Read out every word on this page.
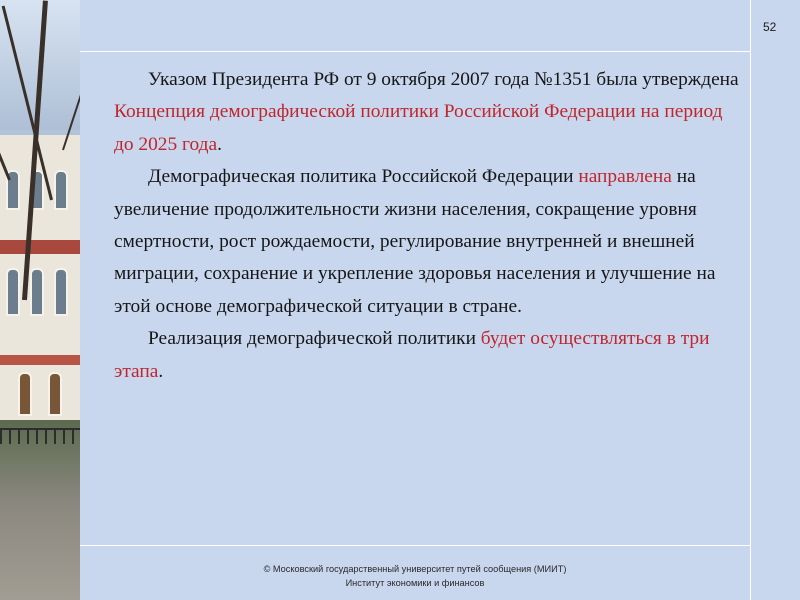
52

Указом Президента РФ от 9 октября 2007 года №1351 была утверждена Концепция демографической политики Российской Федерации на период до 2025 года.

Демографическая политика Российской Федерации направлена на увеличение продолжительности жизни населения, сокращение уровня смертности, рост рождаемости, регулирование внутренней и внешней миграции, сохранение и укрепление здоровья населения и улучшение на этой основе демографической ситуации в стране.

Реализация демографической политики будет осуществляться в три этапа.

© Московский государственный университет путей сообщения (МИИТ)
Институт экономики и финансов
